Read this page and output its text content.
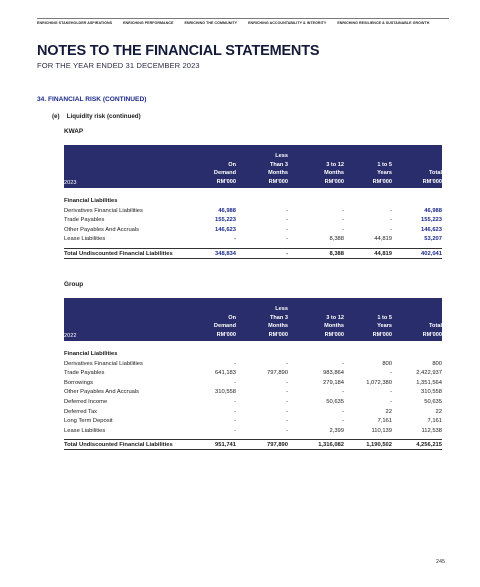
ENRICHING STAKEHOLDER ASPIRATIONS	ENRICHING PERFORMANCE	ENRICHING THE COMMUNITY	ENRICHING ACCOUNTABILITY & INTEGRITY	ENRICHING RESILIENCE & SUSTAINABLE GROWTH
NOTES TO THE FINANCIAL STATEMENTS
FOR THE YEAR ENDED 31 DECEMBER 2023
34. FINANCIAL RISK (CONTINUED)
(e) Liquidity risk (continued)
KWAP
2023
On
Demand
RM'000
Less
Than 3
Months
RM'000
3 to 12
Months
RM'000
1 to 5
Years
RM'000
Total
RM'000
Financial Liabilities
Derivatives Financial Liabilities	46,988	-	-	-	46,988
Trade Payables	155,223	-	-	-	155,223
Other Payables And Accruals	146,623	-	-	-	146,623
Lease Liabilities	-	-	8,388	44,819	53,207
Total Undiscounted Financial Liabilities	348,834	-	8,388	44,819	402,041
Group
2022
On
Demand
RM'000
Less
Than 3
Months
RM'000
3 to 12
Months
RM'000
1 to 5
Years
RM'000
Total
RM'000
Financial Liabilities
Derivatives Financial Liabilities	-	-	-	800	800
Trade Payables	641,183	797,890	983,864	-	2,422,937
Borrowings	-	-	279,184	1,072,380	1,351,564
Other Payables And Accruals	310,558	-	-	-	310,558
Deferred Income	-	-	50,635	-	50,635
Deferred Tax	-	-	-	22	22
Long Term Deposit	-	-	-	7,161	7,161
Lease Liabilities	-	-	2,399	110,139	112,538
Total Undiscounted Financial Liabilities	951,741	797,890	1,316,082	1,190,502	4,256,215
245
